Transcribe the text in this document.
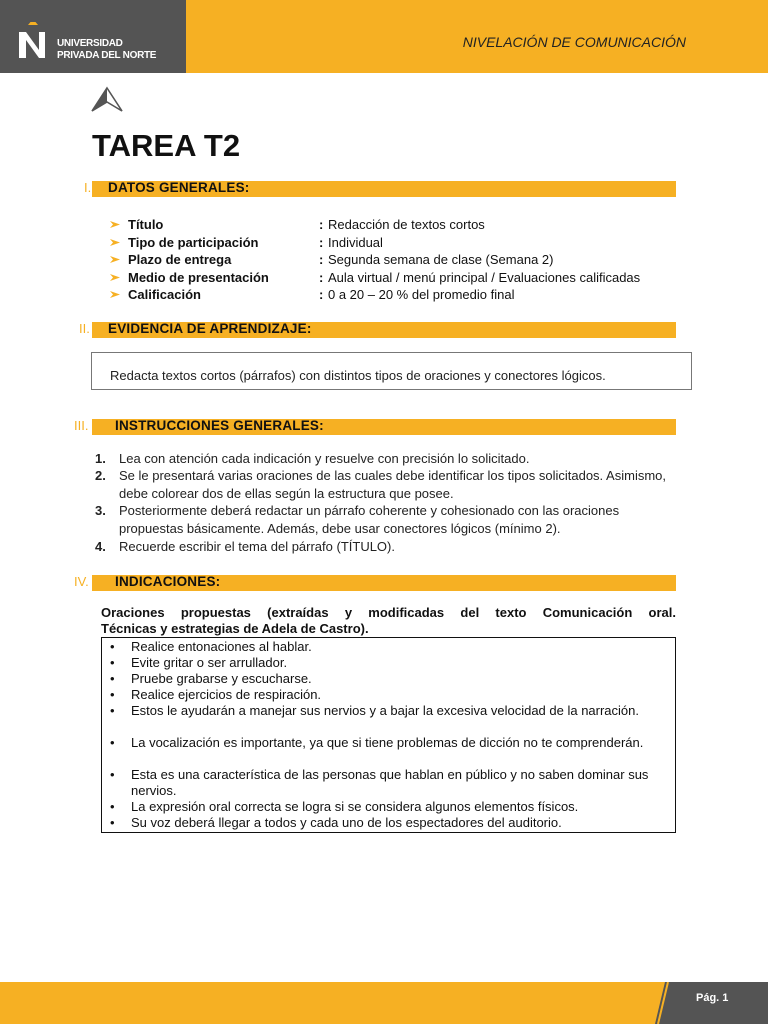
UNIVERSIDAD
PRIVADA DEL NORTE
NIVELACIÓN DE COMUNICACIÓN
TAREA T2
I. DATOS GENERALES:
Título	: Redacción de textos cortos
Tipo de participación	: Individual
Plazo de entrega	: Segunda semana de clase (Semana 2)
Medio de presentación	: Aula virtual / menú principal / Evaluaciones calificadas
Calificación	: 0 a 20 – 20 % del promedio final
II. EVIDENCIA DE APRENDIZAJE:
Redacta textos cortos (párrafos) con distintos tipos de oraciones y conectores lógicos.
III. INSTRUCCIONES GENERALES:
1. Lea con atención cada indicación y resuelve con precisión lo solicitado.
2. Se le presentará varias oraciones de las cuales debe identificar los tipos solicitados. Asimismo, debe colorear dos de ellas según la estructura que posee.
3. Posteriormente deberá redactar un párrafo coherente y cohesionado con las oraciones propuestas básicamente. Además, debe usar conectores lógicos (mínimo 2).
4. Recuerde escribir el tema del párrafo (TÍTULO).
IV. INDICACIONES:
Oraciones propuestas (extraídas y modificadas del texto Comunicación oral.
Técnicas y estrategias de Adela de Castro).
• Realice entonaciones al hablar.
• Evite gritar o ser arrullador.
• Pruebe grabarse y escucharse.
• Realice ejercicios de respiración.
• Estos le ayudarán a manejar sus nervios y a bajar la excesiva velocidad de la narración.
• La vocalización es importante, ya que si tiene problemas de dicción no te comprenderán.
• Esta es una característica de las personas que hablan en público y no saben dominar sus nervios.
• La expresión oral correcta se logra si se considera algunos elementos físicos.
• Su voz deberá llegar a todos y cada uno de los espectadores del auditorio.
Pág. 1
